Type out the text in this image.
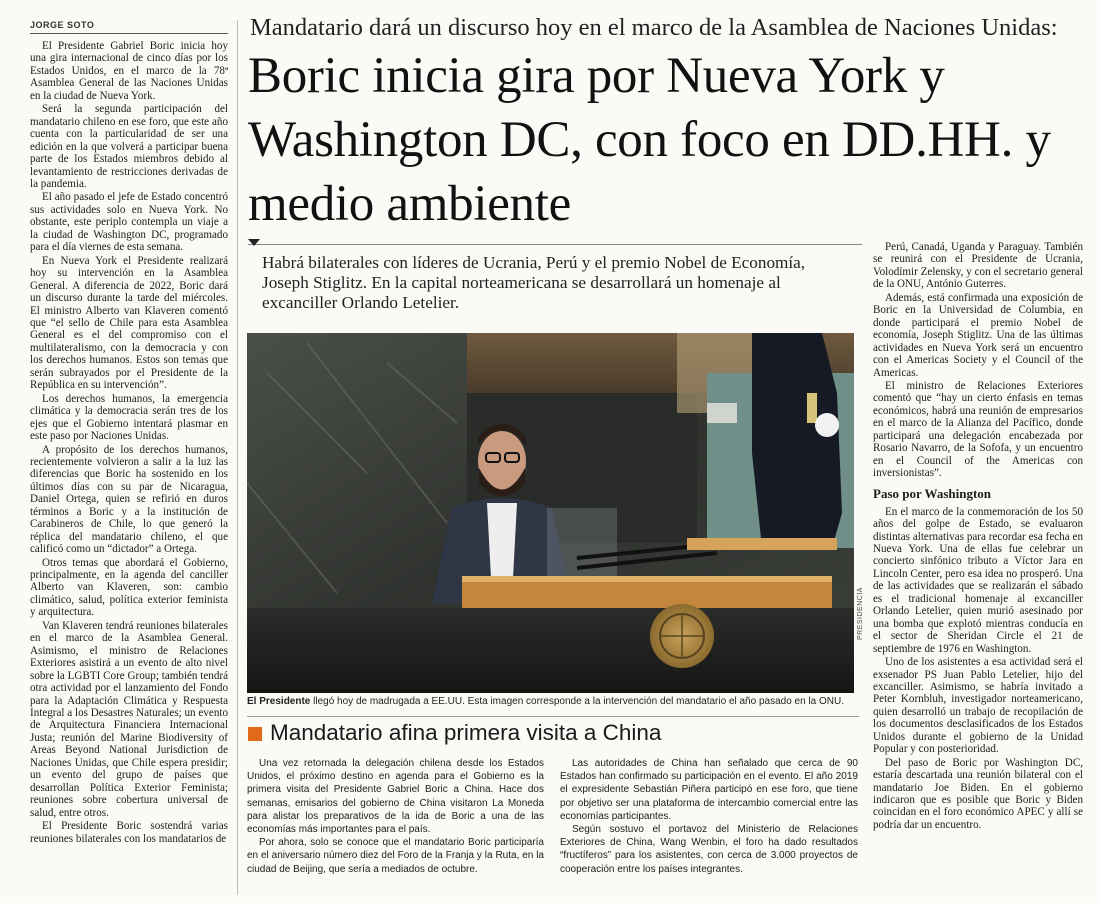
JORGE SOTO

El Presidente Gabriel Boric inicia hoy una gira internacional de cinco días por los Estados Unidos, en el marco de la 78ª Asamblea General de las Naciones Unidas en la ciudad de Nueva York.

Será la segunda participación del mandatario chileno en ese foro, que este año cuenta con la particularidad de ser una edición en la que volverá a participar buena parte de los Estados miembros debido al levantamiento de restricciones derivadas de la pandemia.

El año pasado el jefe de Estado concentró sus actividades solo en Nueva York. No obstante, este periplo contempla un viaje a la ciudad de Washington DC, programado para el día viernes de esta semana.

En Nueva York el Presidente realizará hoy su intervención en la Asamblea General. A diferencia de 2022, Boric dará un discurso durante la tarde del miércoles. El ministro Alberto van Klaveren comentó que “el sello de Chile para esta Asamblea General es el del compromiso con el multilateralismo, con la democracia y con los derechos humanos. Estos son temas que serán subrayados por el Presidente de la República en su intervención”.

Los derechos humanos, la emergencia climática y la democracia serán tres de los ejes que el Gobierno intentará plasmar en este paso por Naciones Unidas.

A propósito de los derechos humanos, recientemente volvieron a salir a la luz las diferencias que Boric ha sostenido en los últimos días con su par de Nicaragua, Daniel Ortega, quien se refirió en duros términos a Boric y a la institución de Carabineros de Chile, lo que generó la réplica del mandatario chileno, el que calificó como un “dictador” a Ortega.

Otros temas que abordará el Gobierno, principalmente, en la agenda del canciller Alberto van Klaveren, son: cambio climático, salud, política exterior feminista y arquitectura.

Van Klaveren tendrá reuniones bilaterales en el marco de la Asamblea General. Asimismo, el ministro de Relaciones Exteriores asistirá a un evento de alto nivel sobre la LGBTI Core Group; también tendrá otra actividad por el lanzamiento del Fondo para la Adaptación Climática y Respuesta Integral a los Desastres Naturales; un evento de Arquitectura Financiera Internacional Justa; reunión del Marine Biodiversity of Areas Beyond National Jurisdiction de Naciones Unidas, que Chile espera presidir; un evento del grupo de países que desarrollan Política Exterior Feminista; reuniones sobre cobertura universal de salud, entre otros.

El Presidente Boric sostendrá varias reuniones bilaterales con los mandatarios de

Mandatario dará un discurso hoy en el marco de la Asamblea de Naciones Unidas:
Boric inicia gira por Nueva York y Washington DC, con foco en DD.HH. y medio ambiente

Habrá bilaterales con líderes de Ucrania, Perú y el premio Nobel de Economía, Joseph Stiglitz. En la capital norteamericana se desarrollará un homenaje al excanciller Orlando Letelier.

PRESIDENCIA
El Presidente llegó hoy de madrugada a EE.UU. Esta imagen corresponde a la intervención del mandatario el año pasado en la ONU.

Perú, Canadá, Uganda y Paraguay. También se reunirá con el Presidente de Ucrania, Volodímir Zelensky, y con el secretario general de la ONU, António Guterres.

Además, está confirmada una exposición de Boric en la Universidad de Columbia, en donde participará el premio Nobel de economía, Joseph Stiglitz. Una de las últimas actividades en Nueva York será un encuentro con el Americas Society y el Council of the Americas.

El ministro de Relaciones Exteriores comentó que “hay un cierto énfasis en temas económicos, habrá una reunión de empresarios en el marco de la Alianza del Pacífico, donde participará una delegación encabezada por Rosario Navarro, de la Sofofa, y un encuentro en el Council of the Americas con inversionistas”.

Paso por Washington

En el marco de la conmemoración de los 50 años del golpe de Estado, se evaluaron distintas alternativas para recordar esa fecha en Nueva York. Una de ellas fue celebrar un concierto sinfónico tributo a Víctor Jara en Lincoln Center, pero esa idea no prosperó. Una de las actividades que se realizarán el sábado es el tradicional homenaje al excanciller Orlando Letelier, quien murió asesinado por una bomba que explotó mientras conducía en el sector de Sheridan Circle el 21 de septiembre de 1976 en Washington.

Uno de los asistentes a esa actividad será el exsenador PS Juan Pablo Letelier, hijo del excanciller. Asimismo, se habría invitado a Peter Kornbluh, investigador norteamericano, quien desarrolló un trabajo de recopilación de los documentos desclasificados de los Estados Unidos durante el gobierno de la Unidad Popular y con posterioridad.

Del paso de Boric por Washington DC, estaría descartada una reunión bilateral con el mandatario Joe Biden. En el gobierno indicaron que es posible que Boric y Biden coincidan en el foro económico APEC y allí se podría dar un encuentro.

Mandatario afina primera visita a China

Una vez retornada la delegación chilena desde los Estados Unidos, el próximo destino en agenda para el Gobierno es la primera visita del Presidente Gabriel Boric a China. Hace dos semanas, emisarios del gobierno de China visitaron La Moneda para alistar los preparativos de la ida de Boric a una de las economías más importantes para el país.

Por ahora, solo se conoce que el mandatario Boric participaría en el aniversario número diez del Foro de la Franja y la Ruta, en la ciudad de Beijing, que sería a mediados de octubre.

Las autoridades de China han señalado que cerca de 90 Estados han confirmado su participación en el evento. El año 2019 el expresidente Sebastián Piñera participó en ese foro, que tiene por objetivo ser una plataforma de intercambio comercial entre las economías participantes.

Según sostuvo el portavoz del Ministerio de Relaciones Exteriores de China, Wang Wenbin, el foro ha dado resultados “fructíferos” para los asistentes, con cerca de 3.000 proyectos de cooperación entre los países integrantes.
